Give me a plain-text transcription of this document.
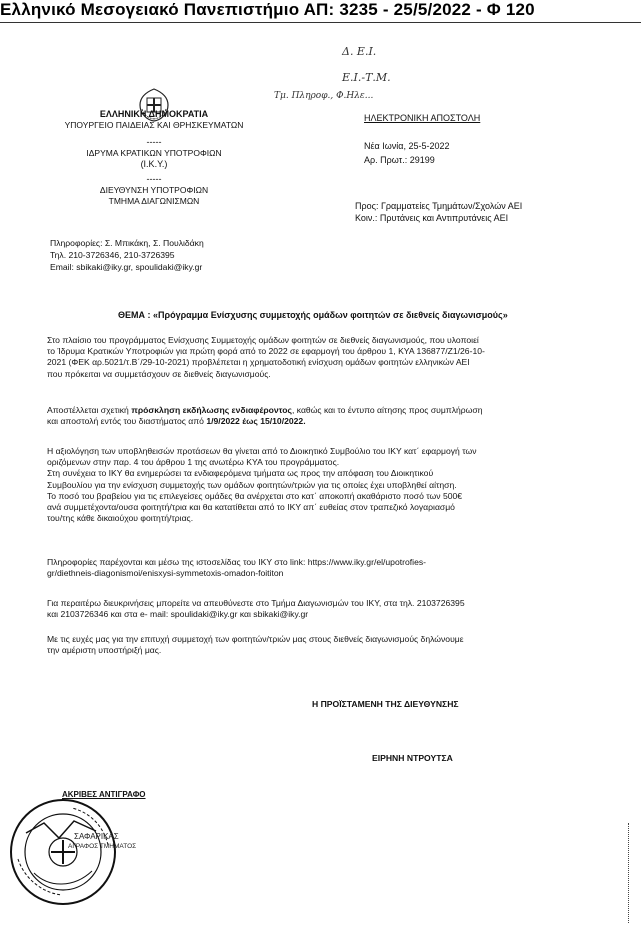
Ελληνικό Μεσογειακό Πανεπιστήμιο ΑΠ: 3235 - 25/5/2022 - Φ 120
Δ. Ε.Ι.
Ε.Ι.-Τ.Μ.
Τμ. Πληροφ., Φ.Ηλε...
ΕΛΛΗΝΙΚΗ ΔΗΜΟΚΡΑΤΙΑ
ΥΠΟΥΡΓΕΙΟ ΠΑΙΔΕΙΑΣ ΚΑΙ ΘΡΗΣΚΕΥΜΑΤΩΝ
-----
ΙΔΡΥΜΑ ΚΡΑΤΙΚΩΝ ΥΠΟΤΡΟΦΙΩΝ
(Ι.Κ.Υ.)
-----
ΔΙΕΥΘΥΝΣΗ ΥΠΟΤΡΟΦΙΩΝ
ΤΜΗΜΑ ΔΙΑΓΩΝΙΣΜΩΝ
ΗΛΕΚΤΡΟΝΙΚΗ ΑΠΟΣΤΟΛΗ
Νέα Ιωνία, 25-5-2022
Αρ. Πρωτ.: 29199
Προς: Γραμματείες Τμημάτων/Σχολών ΑΕΙ
Κοιν.: Πρυτάνεις και Αντιπρυτάνεις ΑΕΙ
Πληροφορίες: Σ. Μπικάκη, Σ. Πουλιδάκη
Τηλ. 210-3726346, 210-3726395
Email: sbikaki@iky.gr, spoulidaki@iky.gr
ΘΕΜΑ : «Πρόγραμμα Ενίσχυσης συμμετοχής ομάδων φοιτητών σε διεθνείς διαγωνισμούς»
Στο πλαίσιο του προγράμματος Ενίσχυσης Συμμετοχής ομάδων φοιτητών σε διεθνείς διαγωνισμούς, που υλοποιεί
το Ίδρυμα Κρατικών Υποτροφιών για πρώτη φορά από το 2022 σε εφαρμογή του άρθρου 1, ΚΥΑ 136877/Ζ1/26-10-
2021 (ΦΕΚ αρ.5021/τ.Β΄/29-10-2021) προβλέπεται η χρηματοδοτική ενίσχυση ομάδων φοιτητών ελληνικών ΑΕΙ
που πρόκειται να συμμετάσχουν σε διεθνείς διαγωνισμούς.
Αποστέλλεται σχετική πρόσκληση εκδήλωσης ενδιαφέροντος, καθώς και το έντυπο αίτησης προς συμπλήρωση
και αποστολή εντός του διαστήματος από 1/9/2022 έως 15/10/2022.
Η αξιολόγηση των υποβληθεισών προτάσεων θα γίνεται από το Διοικητικό Συμβούλιο του ΙΚΥ κατ΄ εφαρμογή των
οριζόμενων στην παρ. 4 του άρθρου 1 της ανωτέρω ΚΥΑ του προγράμματος.
Στη συνέχεια το ΙΚΥ θα ενημερώσει τα ενδιαφερόμενα τμήματα ως προς την απόφαση του Διοικητικού
Συμβουλίου για την ενίσχυση συμμετοχής των ομάδων φοιτητών/τριών για τις οποίες έχει υποβληθεί αίτηση.
Το ποσό του βραβείου για τις επιλεγείσες ομάδες θα ανέρχεται στο κατ΄ αποκοπή ακαθάριστο ποσό των 500€
ανά συμμετέχοντα/ουσα φοιτητή/τρια και θα κατατίθεται από το ΙΚΥ απ΄ ευθείας στον τραπεζικό λογαριασμό
του/της κάθε δικαιούχου φοιτητή/τριας.
Πληροφορίες παρέχονται και μέσω της ιστοσελίδας του ΙΚΥ στο link: https://www.iky.gr/el/upotrofies-
gr/diethneis-diagonismoi/enisxysi-symmetoxis-omadon-foititon
Για περαιτέρω διευκρινήσεις μπορείτε να απευθύνεστε στο Τμήμα Διαγωνισμών του ΙΚΥ, στα τηλ. 2103726395
και 2103726346 και στα e- mail: spoulidaki@iky.gr και sbikaki@iky.gr
Με τις ευχές μας για την επιτυχή συμμετοχή των φοιτητών/τριών μας στους διεθνείς διαγωνισμούς δηλώνουμε
την αμέριστη υποστήριξή μας.
Η ΠΡΟΪΣΤΑΜΕΝΗ ΤΗΣ ΔΙΕΥΘΥΝΣΗΣ
ΕΙΡΗΝΗ ΝΤΡΟΥΤΣΑ
ΑΚΡΙΒΕΣ ΑΝΤΙΓΡΑΦΟ
ΣΑΦΑΡΙΚΑΣ
ΑΓΡΑΦΟΣ ΤΜΗΜΑΤΟΣ
